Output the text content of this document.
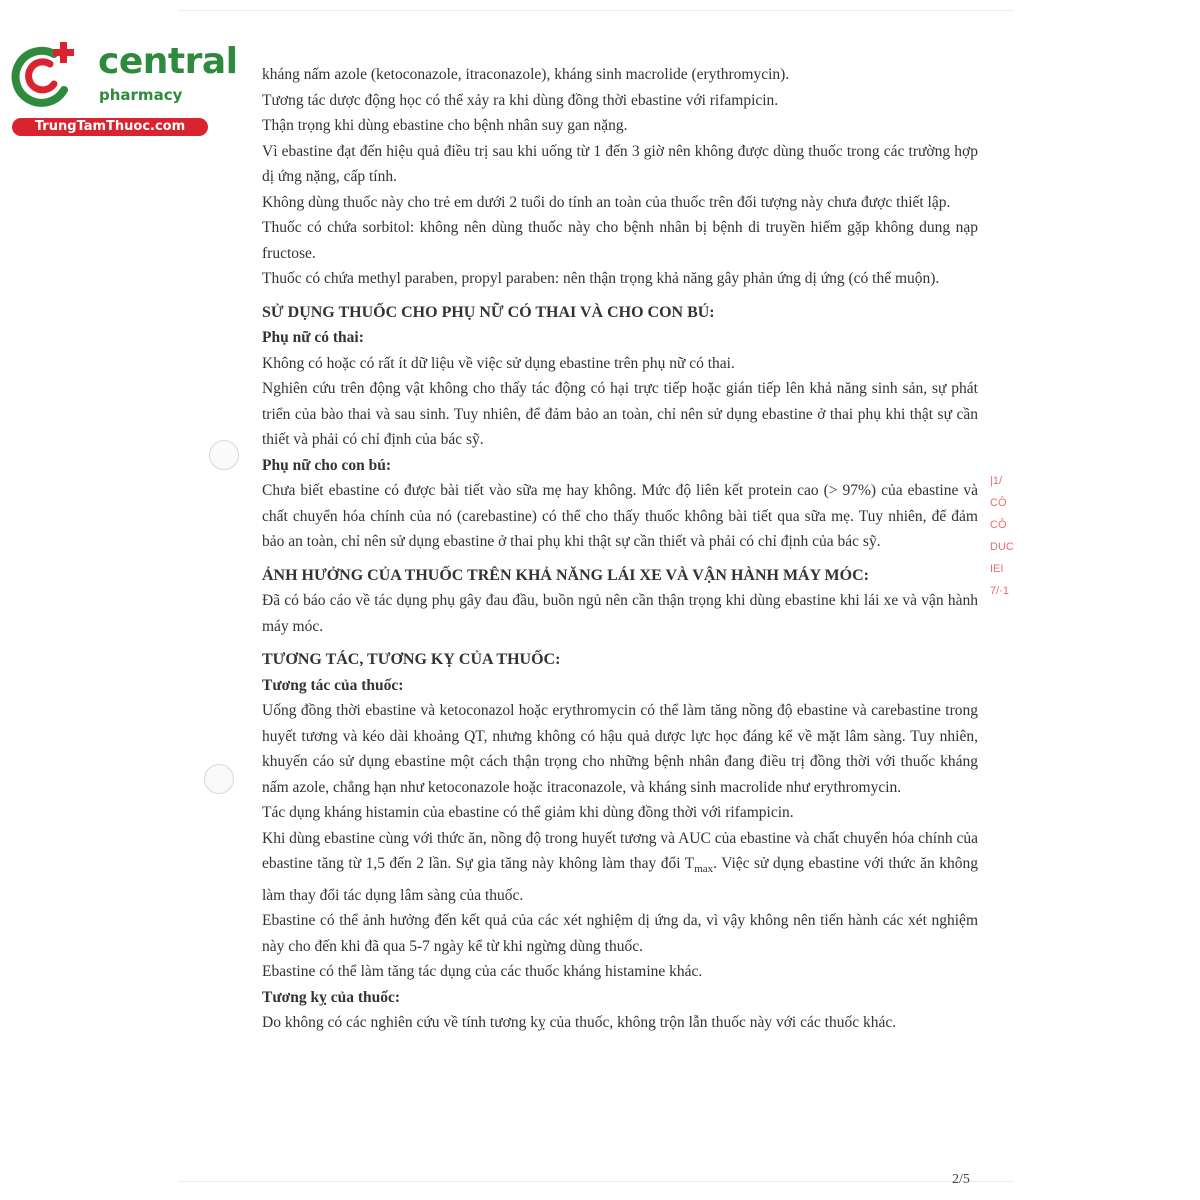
central
pharmacy
TrungTamThuoc.com

kháng nấm azole (ketoconazole, itraconazole), kháng sinh macrolide (erythromycin).

Tương tác dược động học có thể xảy ra khi dùng đồng thời ebastine với rifampicin.

Thận trọng khi dùng ebastine cho bệnh nhân suy gan nặng.

Vì ebastine đạt đến hiệu quả điều trị sau khi uống từ 1 đến 3 giờ nên không được dùng thuốc trong các trường hợp dị ứng nặng, cấp tính.

Không dùng thuốc này cho trẻ em dưới 2 tuổi do tính an toàn của thuốc trên đối tượng này chưa được thiết lập.

Thuốc có chứa sorbitol: không nên dùng thuốc này cho bệnh nhân bị bệnh di truyền hiếm gặp không dung nạp fructose.

Thuốc có chứa methyl paraben, propyl paraben: nên thận trọng khả năng gây phản ứng dị ứng (có thể muộn).

SỬ DỤNG THUỐC CHO PHỤ NỮ CÓ THAI VÀ CHO CON BÚ:
Phụ nữ có thai:

Không có hoặc có rất ít dữ liệu về việc sử dụng ebastine trên phụ nữ có thai.

Nghiên cứu trên động vật không cho thấy tác động có hại trực tiếp hoặc gián tiếp lên khả năng sinh sản, sự phát triển của bào thai và sau sinh. Tuy nhiên, để đảm bảo an toàn, chỉ nên sử dụng ebastine ở thai phụ khi thật sự cần thiết và phải có chỉ định của bác sỹ.

Phụ nữ cho con bú:

Chưa biết ebastine có được bài tiết vào sữa mẹ hay không. Mức độ liên kết protein cao (> 97%) của ebastine và chất chuyển hóa chính của nó (carebastine) có thể cho thấy thuốc không bài tiết qua sữa mẹ. Tuy nhiên, để đảm bảo an toàn, chỉ nên sử dụng ebastine ở thai phụ khi thật sự cần thiết và phải có chỉ định của bác sỹ.

ẢNH HƯỞNG CỦA THUỐC TRÊN KHẢ NĂNG LÁI XE VÀ VẬN HÀNH MÁY MÓC:

Đã có báo cáo về tác dụng phụ gây đau đầu, buồn ngủ nên cần thận trọng khi dùng ebastine khi lái xe và vận hành máy móc.

TƯƠNG TÁC, TƯƠNG KỴ CỦA THUỐC:
Tương tác của thuốc:

Uống đồng thời ebastine và ketoconazol hoặc erythromycin có thể làm tăng nồng độ ebastine và carebastine trong huyết tương và kéo dài khoảng QT, nhưng không có hậu quả dược lực học đáng kể về mặt lâm sàng. Tuy nhiên, khuyến cáo sử dụng ebastine một cách thận trọng cho những bệnh nhân đang điều trị đồng thời với thuốc kháng nấm azole, chẳng hạn như ketoconazole hoặc itraconazole, và kháng sinh macrolide như erythromycin.

Tác dụng kháng histamin của ebastine có thể giảm khi dùng đồng thời với rifampicin.

Khi dùng ebastine cùng với thức ăn, nồng độ trong huyết tương và AUC của ebastine và chất chuyển hóa chính của ebastine tăng từ 1,5 đến 2 lần. Sự gia tăng này không làm thay đổi $T_{max}$. Việc sử dụng ebastine với thức ăn không làm thay đổi tác dụng lâm sàng của thuốc.

Ebastine có thể ảnh hưởng đến kết quả của các xét nghiệm dị ứng da, vì vậy không nên tiến hành các xét nghiệm này cho đến khi đã qua 5-7 ngày kể từ khi ngừng dùng thuốc.

Ebastine có thể làm tăng tác dụng của các thuốc kháng histamine khác.

Tương kỵ của thuốc:

Do không có các nghiên cứu về tính tương kỵ của thuốc, không trộn lẫn thuốc này với các thuốc khác.

|1/
CÔ
CÔ
DUC
IEI
7/·1
2/5
